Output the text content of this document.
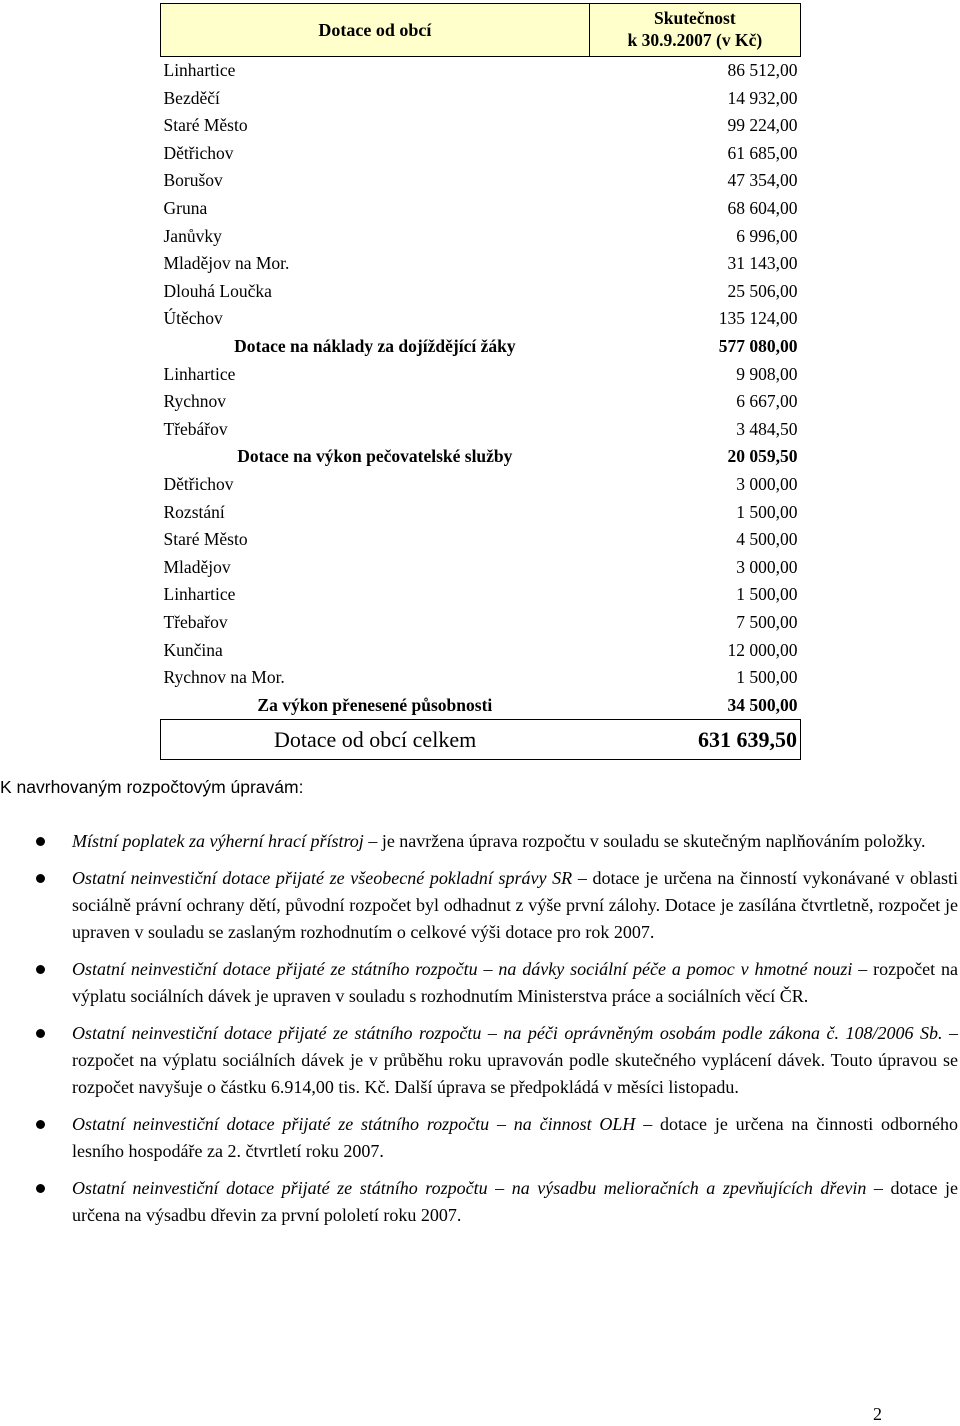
Dotace od obcí	Skutečnost
k 30.9.2007 (v Kč)

Linhartice	86 512,00
Bezděčí	14 932,00
Staré Město	99 224,00
Dětřichov	61 685,00
Borušov	47 354,00
Gruna	68 604,00
Janůvky	6 996,00
Mladějov na Mor.	31 143,00
Dlouhá Loučka	25 506,00
Útěchov	135 124,00
Dotace na náklady za dojíždějící žáky	577 080,00
Linhartice	9 908,00
Rychnov	6 667,00
Třebářov	3 484,50
Dotace na výkon pečovatelské služby	20 059,50
Dětřichov	3 000,00
Rozstání	1 500,00
Staré Město	4 500,00
Mladějov	3 000,00
Linhartice	1 500,00
Třebařov	7 500,00
Kunčina	12 000,00
Rychnov na Mor.	1 500,00
Za výkon přenesené působnosti	34 500,00
Dotace od obcí celkem	631 639,50
K navrhovaným rozpočtovým úpravám:
Místní poplatek za výherní hrací přístroj – je navržena úprava rozpočtu v souladu se skutečným naplňováním položky.
Ostatní neinvestiční dotace přijaté ze všeobecné pokladní správy SR – dotace je určena na činností vykonávané v oblasti sociálně právní ochrany dětí, původní rozpočet byl odhadnut z výše první zálohy. Dotace je zasílána čtvrtletně, rozpočet je upraven v souladu se zaslaným rozhodnutím o celkové výši dotace pro rok 2007.
Ostatní neinvestiční dotace přijaté ze státního rozpočtu – na dávky sociální péče a pomoc v hmotné nouzi – rozpočet na výplatu sociálních dávek je upraven v souladu s rozhodnutím Ministerstva práce a sociálních věcí ČR.
Ostatní neinvestiční dotace přijaté ze státního rozpočtu – na péči oprávněným osobám podle zákona č. 108/2006 Sb. – rozpočet na výplatu sociálních dávek je v průběhu roku upravován podle skutečného vyplácení dávek. Touto úpravou se rozpočet navyšuje o částku 6.914,00 tis. Kč. Další úprava se předpokládá v měsíci listopadu.
Ostatní neinvestiční dotace přijaté ze státního rozpočtu – na činnost OLH – dotace je určena na činnosti odborného lesního hospodáře za 2. čtvrtletí roku 2007.
Ostatní neinvestiční dotace přijaté ze státního rozpočtu – na výsadbu melioračních a zpevňujících dřevin – dotace je určena na výsadbu dřevin za první pololetí roku 2007.
2
